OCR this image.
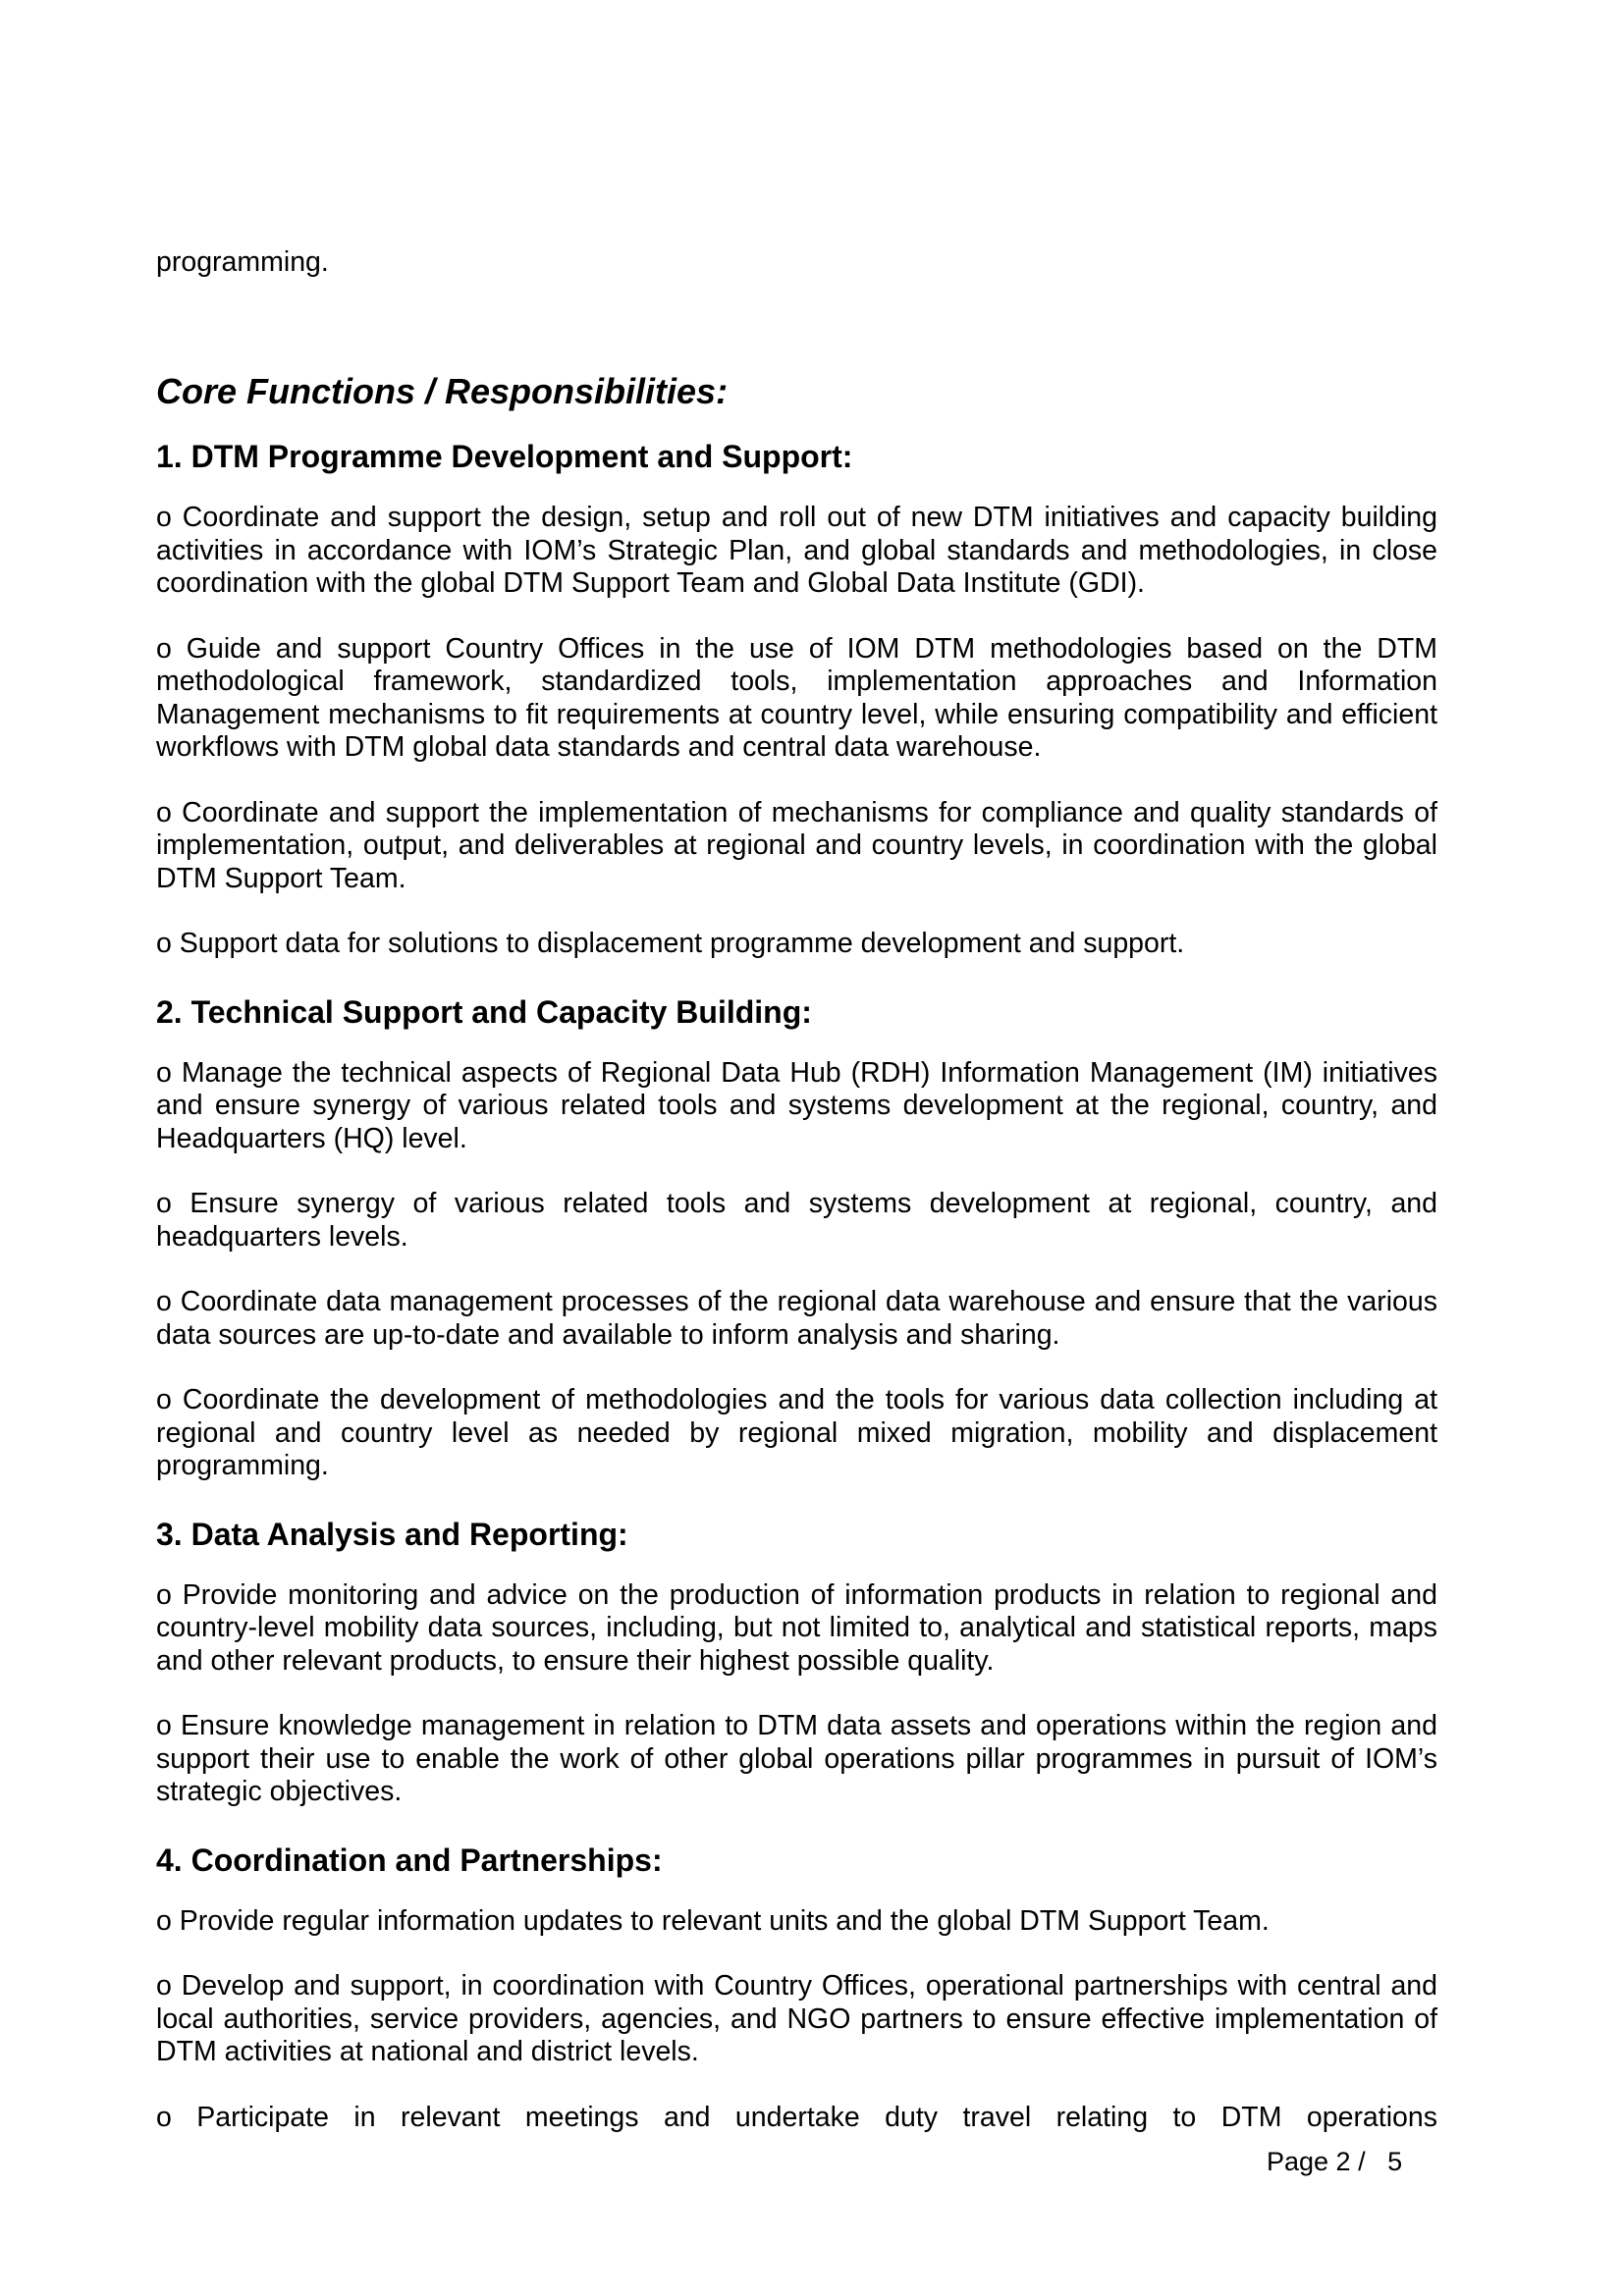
programming.
Core Functions / Responsibilities:
1. DTM Programme Development and Support:

o Coordinate and support the design, setup and roll out of new DTM initiatives and capacity building activities in accordance with IOM’s Strategic Plan, and global standards and methodologies, in close coordination with the global DTM Support Team and Global Data Institute (GDI).

o Guide and support Country Offices in the use of IOM DTM methodologies based on the DTM methodological framework, standardized tools, implementation approaches and Information Management mechanisms to fit requirements at country level, while ensuring compatibility and efficient workflows with DTM global data standards and central data warehouse.

o Coordinate and support the implementation of mechanisms for compliance and quality standards of implementation, output, and deliverables at regional and country levels, in coordination with the global DTM Support Team.

o Support data for solutions to displacement programme development and support.

2. Technical Support and Capacity Building:

o Manage the technical aspects of Regional Data Hub (RDH) Information Management (IM) initiatives and ensure synergy of various related tools and systems development at the regional, country, and Headquarters (HQ) level.

o Ensure synergy of various related tools and systems development at regional, country, and headquarters levels.

o Coordinate data management processes of the regional data warehouse and ensure that the various data sources are up-to-date and available to inform analysis and sharing.

o Coordinate the development of methodologies and the tools for various data collection including at regional and country level as needed by regional mixed migration, mobility and displacement programming.

3. Data Analysis and Reporting:

o Provide monitoring and advice on the production of information products in relation to regional and country-level mobility data sources, including, but not limited to, analytical and statistical reports, maps and other relevant products, to ensure their highest possible quality.

o Ensure knowledge management in relation to DTM data assets and operations within the region and support their use to enable the work of other global operations pillar programmes in pursuit of IOM’s strategic objectives.

4. Coordination and Partnerships:

o Provide regular information updates to relevant units and the global DTM Support Team.

o Develop and support, in coordination with Country Offices, operational partnerships with central and local authorities, service providers, agencies, and NGO partners to ensure effective implementation of DTM activities at national and district levels.

o Participate in relevant meetings and undertake duty travel relating to DTM operations

Page 2 /   5
